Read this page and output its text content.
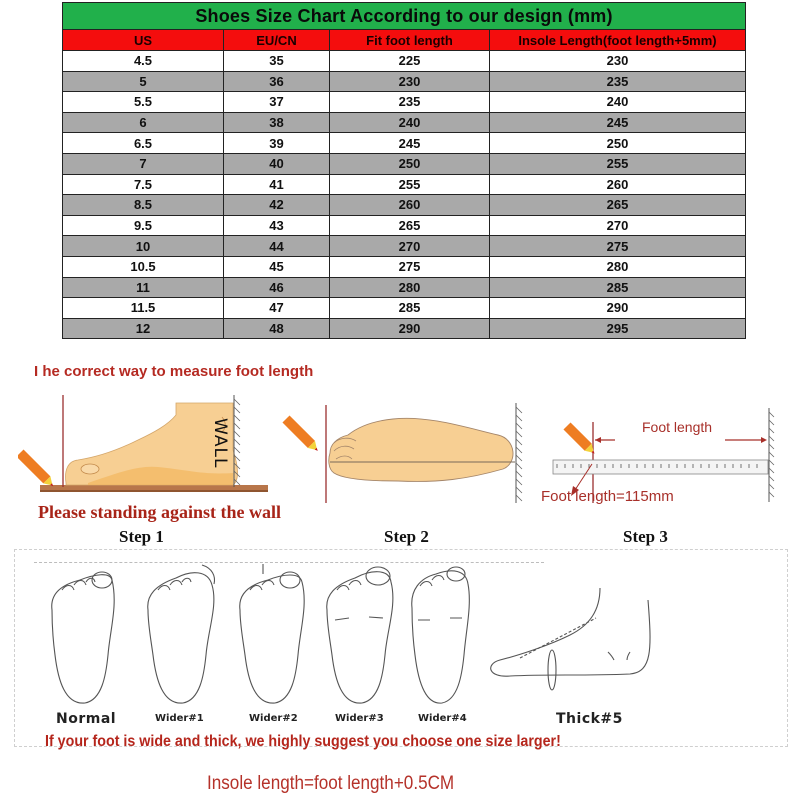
Shoes Size Chart According to our design (mm)			
US	EU/CN	Fit foot length	Insole Length(foot length+5mm)
4.5	35	225	230
5	36	230	235
5.5	37	235	240
6	38	240	245
6.5	39	245	250
7	40	250	255
7.5	41	255	260
8.5	42	260	265
9.5	43	265	270
10	44	270	275
10.5	45	275	280
11	46	280	285
11.5	47	285	290
12	48	290	295
I he correct way to measure foot length
WALL
Please standing against the wall
Foot length
Foot length=115mm
Step 1	Step 2	Step 3
Normal	Wider#1	Wider#2	Wider#3	Wider#4	Thick#5
If your foot is wide and thick, we highly suggest you choose one size larger!
Insole length=foot length+0.5CM
